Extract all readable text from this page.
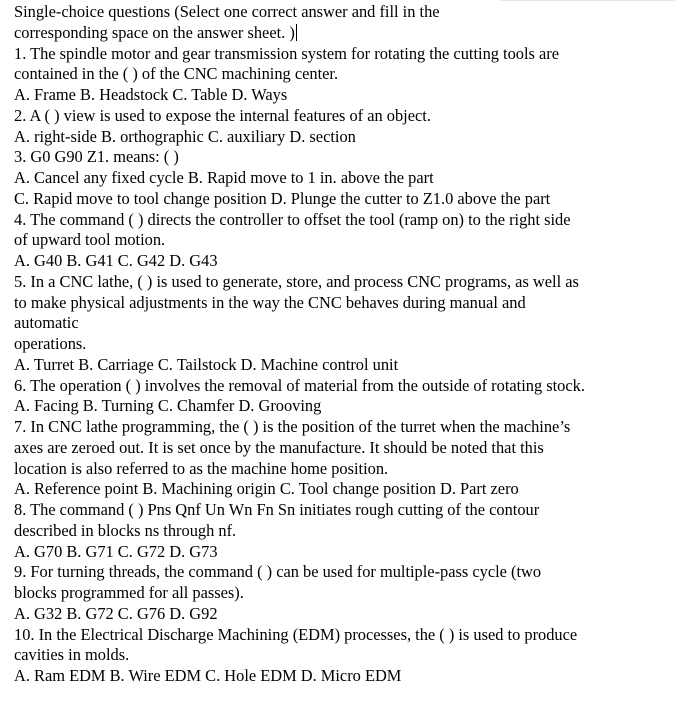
Single-choice questions (Select one correct answer and fill in the
corresponding space on the answer sheet. )
1. The spindle motor and gear transmission system for rotating the cutting tools are
contained in the ( ) of the CNC machining center.
A. Frame B. Headstock C. Table D. Ways
2. A ( ) view is used to expose the internal features of an object.
A. right-side B. orthographic C. auxiliary D. section
3. G0 G90 Z1. means: ( )
A. Cancel any fixed cycle B. Rapid move to 1 in. above the part
C. Rapid move to tool change position D. Plunge the cutter to Z1.0 above the part
4. The command ( ) directs the controller to offset the tool (ramp on) to the right side
of upward tool motion.
A. G40 B. G41 C. G42 D. G43
5. In a CNC lathe, ( ) is used to generate, store, and process CNC programs, as well as
to make physical adjustments in the way the CNC behaves during manual and
automatic
operations.
A. Turret B. Carriage C. Tailstock D. Machine control unit
6. The operation ( ) involves the removal of material from the outside of rotating stock.
A. Facing B. Turning C. Chamfer D. Grooving
7. In CNC lathe programming, the ( ) is the position of the turret when the machine’s
axes are zeroed out. It is set once by the manufacture. It should be noted that this
location is also referred to as the machine home position.
A. Reference point B. Machining origin C. Tool change position D. Part zero
8. The command ( ) Pns Qnf Un Wn Fn Sn initiates rough cutting of the contour
described in blocks ns through nf.
A. G70 B. G71 C. G72 D. G73
9. For turning threads, the command ( ) can be used for multiple-pass cycle (two
blocks programmed for all passes).
A. G32 B. G72 C. G76 D. G92
10. In the Electrical Discharge Machining (EDM) processes, the ( ) is used to produce
cavities in molds.
A. Ram EDM B. Wire EDM C. Hole EDM D. Micro EDM
